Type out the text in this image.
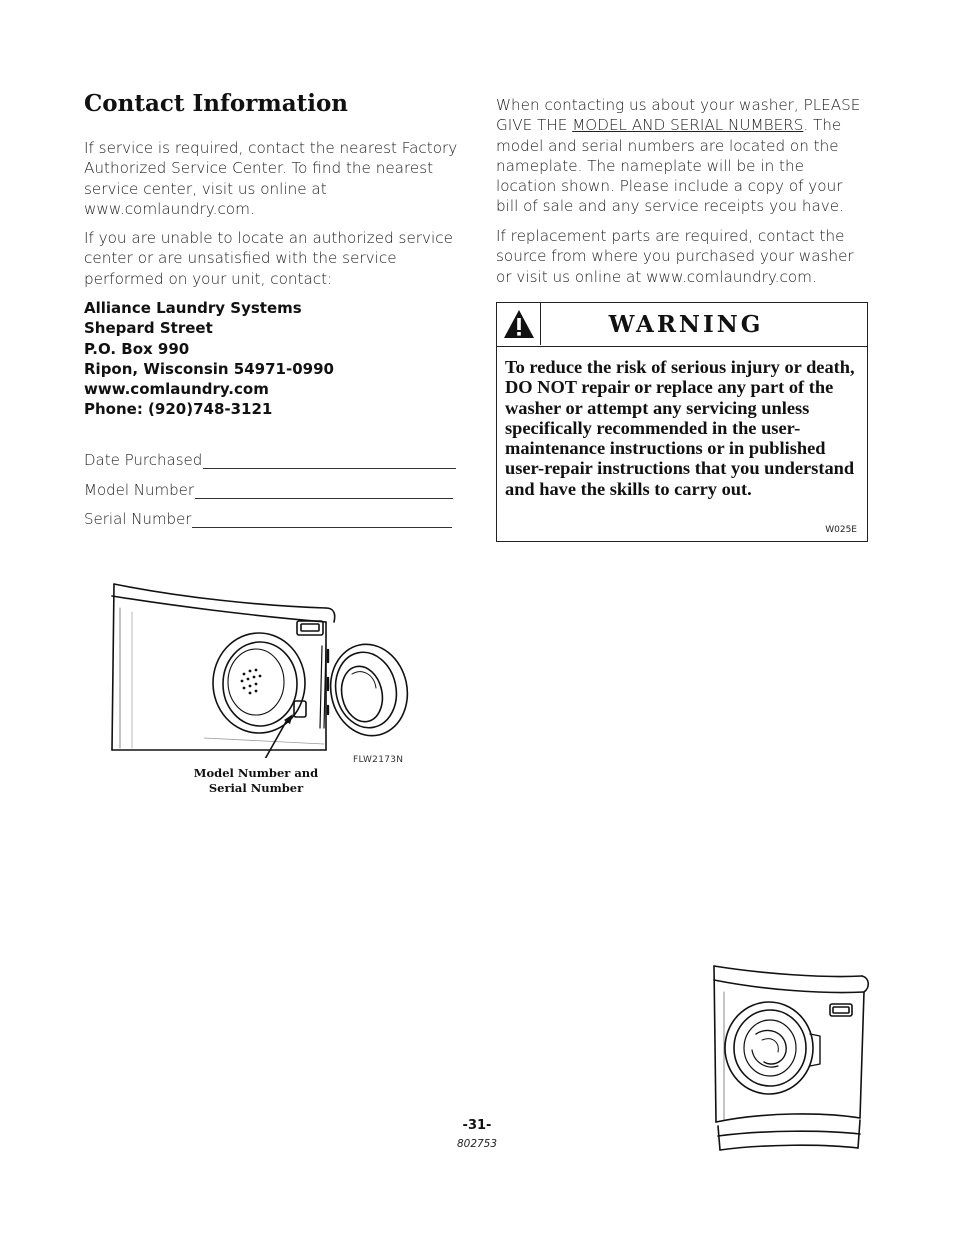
Contact Information

If service is required, contact the nearest Factory Authorized Service Center. To find the nearest service center, visit us online at www.comlaundry.com.

If you are unable to locate an authorized service center or are unsatisfied with the service performed on your unit, contact:

Alliance Laundry Systems
Shepard Street
P.O. Box 990
Ripon, Wisconsin 54971-0990
www.comlaundry.com
Phone: (920)748-3121
Date Purchased
Model Number
Serial Number

When contacting us about your washer, PLEASE GIVE THE MODEL AND SERIAL NUMBERS. The model and serial numbers are located on the nameplate. The nameplate will be in the location shown. Please include a copy of your bill of sale and any service receipts you have.

If replacement parts are required, contact the source from where you purchased your washer or visit us online at www.comlaundry.com.

WARNING

To reduce the risk of serious injury or death, DO NOT repair or replace any part of the washer or attempt any servicing unless specifically recommended in the user-maintenance instructions or in published user-repair instructions that you understand and have the skills to carry out.

W025E
Model Number and
Serial Number
FLW2173N
-31-
802753
